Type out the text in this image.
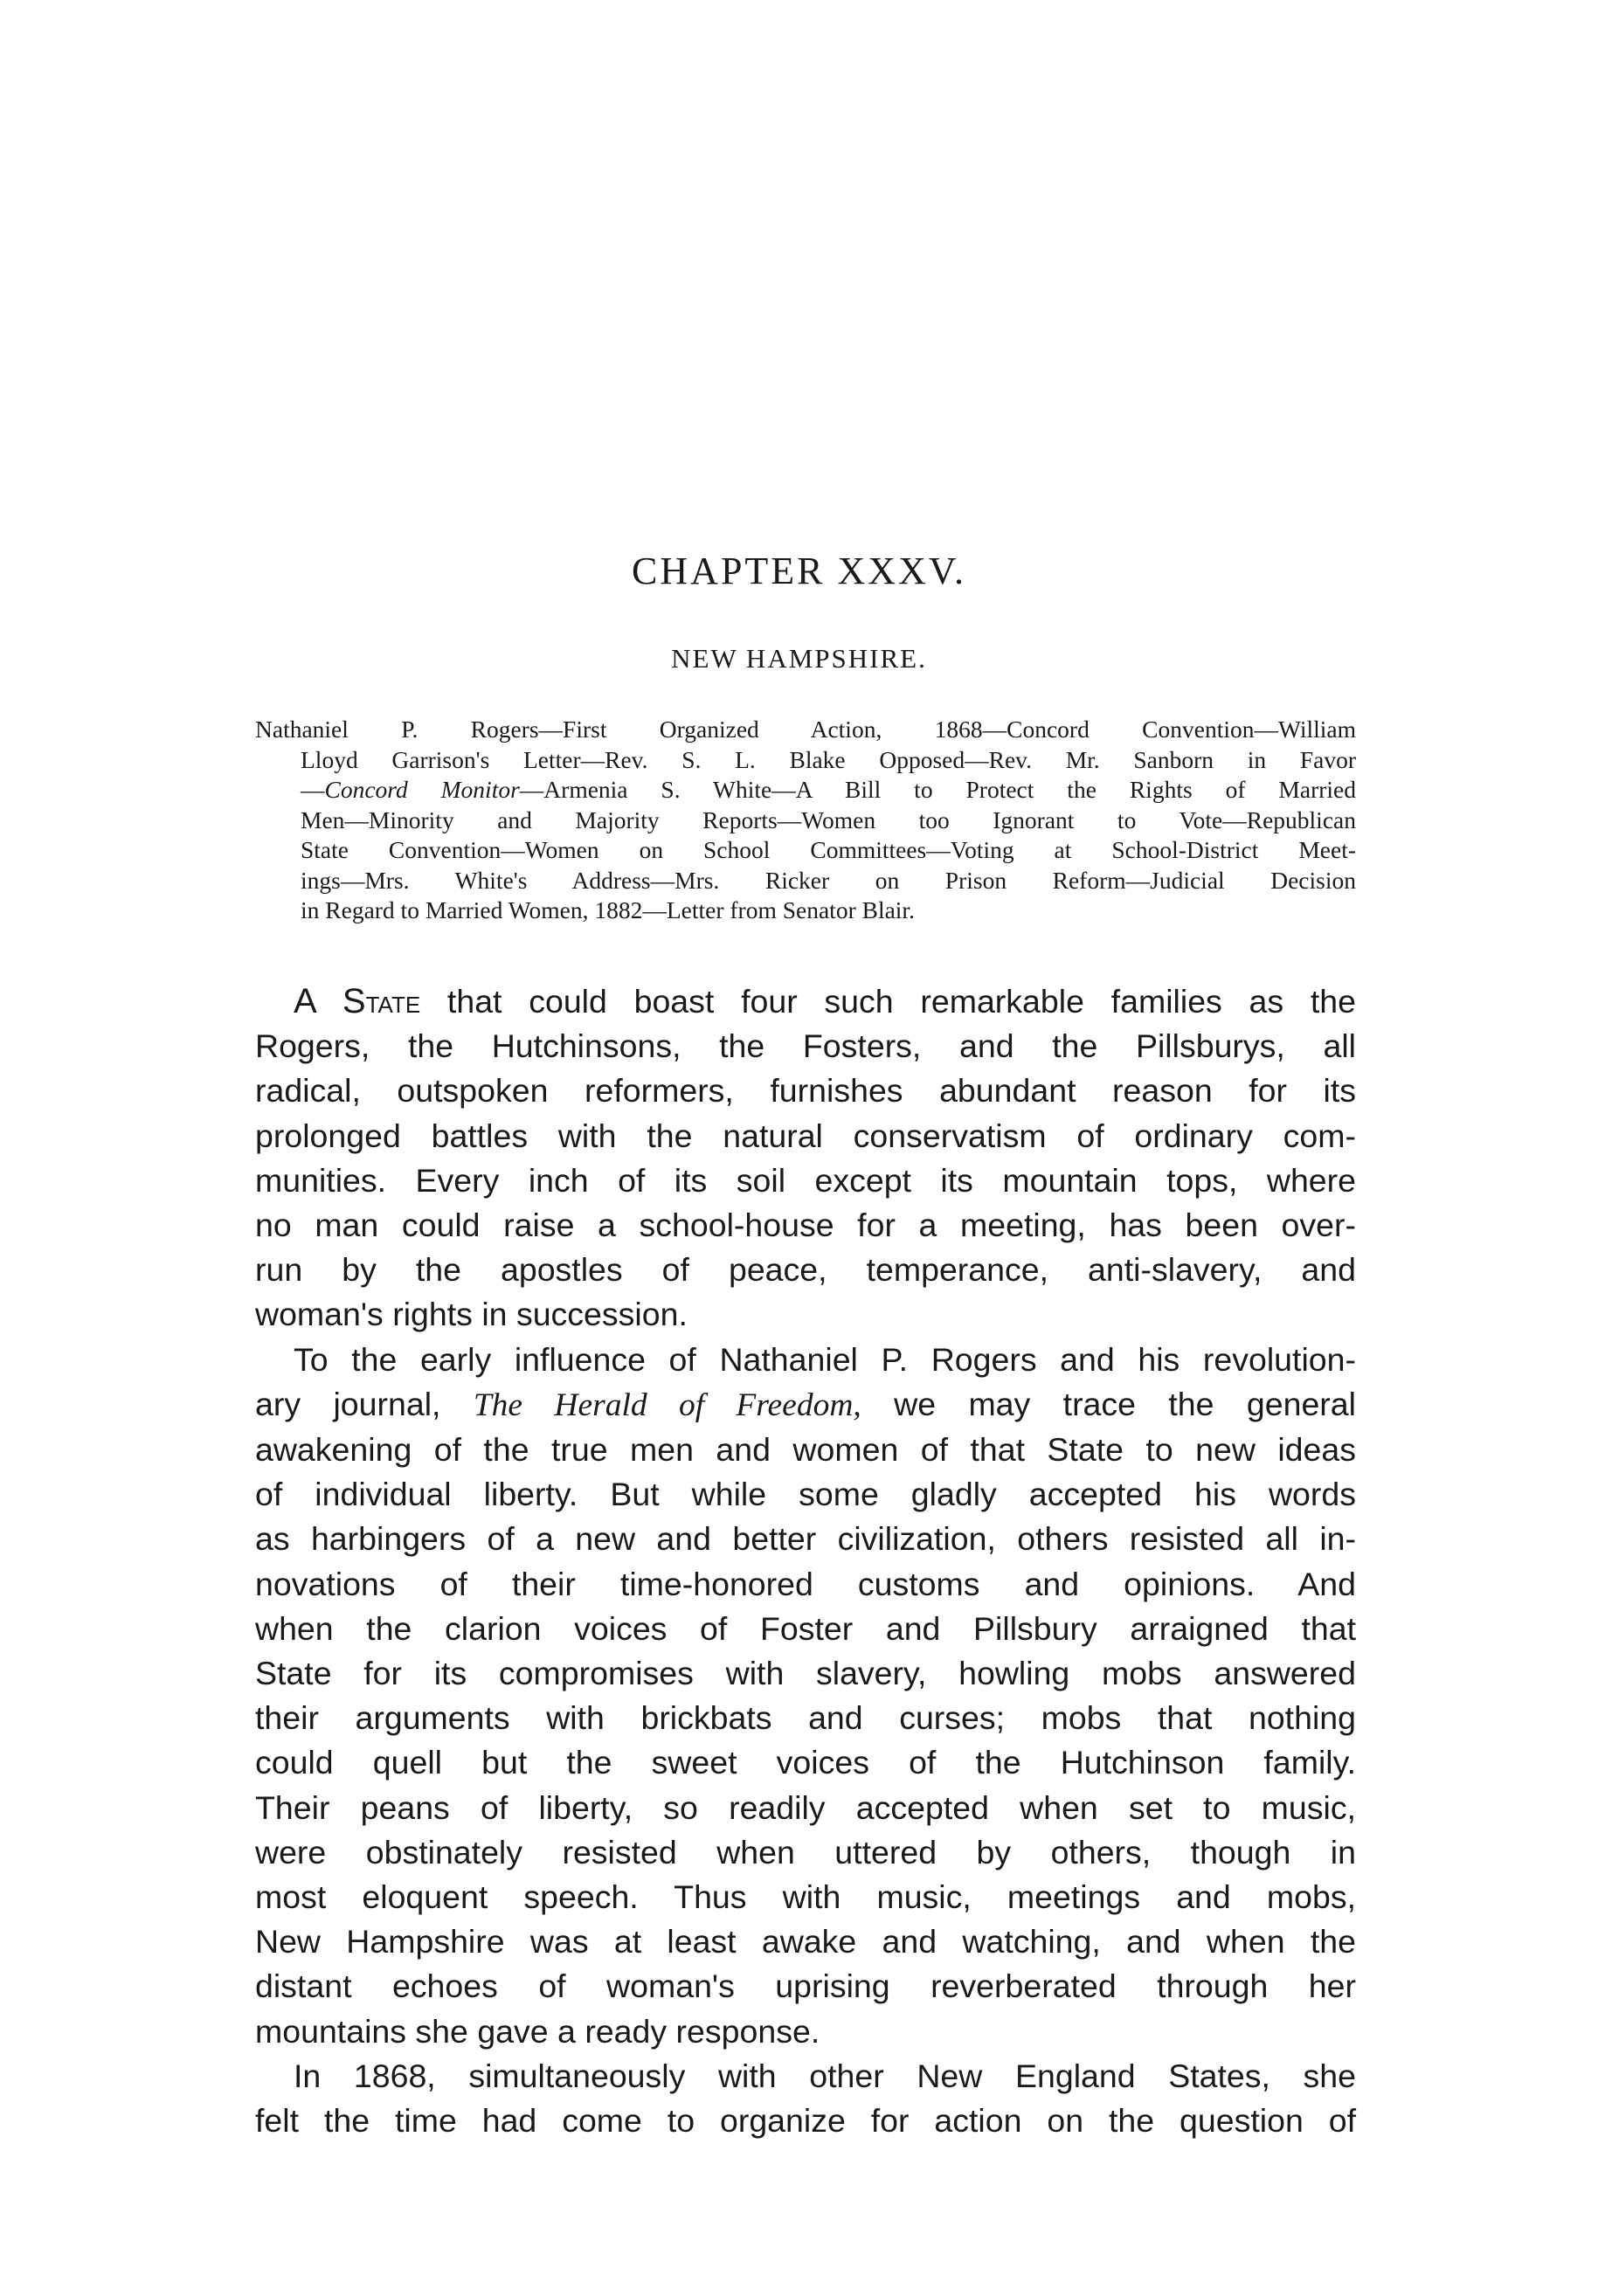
CHAPTER XXXV.
NEW HAMPSHIRE.
Nathaniel P. Rogers—First Organized Action, 1868—Concord Convention—William
Lloyd Garrison's Letter—Rev. S. L. Blake Opposed—Rev. Mr. Sanborn in Favor
—Concord Monitor—Armenia S. White—A Bill to Protect the Rights of Married
Men—Minority and Majority Reports—Women too Ignorant to Vote—Republican
State Convention—Women on School Committees—Voting at School-District Meet-
ings—Mrs. White's Address—Mrs. Ricker on Prison Reform—Judicial Decision
in Regard to Married Women, 1882—Letter from Senator Blair.
A State that could boast four such remarkable families as the
Rogers, the Hutchinsons, the Fosters, and the Pillsburys, all
radical, outspoken reformers, furnishes abundant reason for its
prolonged battles with the natural conservatism of ordinary com-
munities. Every inch of its soil except its mountain tops, where
no man could raise a school-house for a meeting, has been over-
run by the apostles of peace, temperance, anti-slavery, and
woman's rights in succession.
To the early influence of Nathaniel P. Rogers and his revolution-
ary journal, The Herald of Freedom, we may trace the general
awakening of the true men and women of that State to new ideas
of individual liberty. But while some gladly accepted his words
as harbingers of a new and better civilization, others resisted all in-
novations of their time-honored customs and opinions. And
when the clarion voices of Foster and Pillsbury arraigned that
State for its compromises with slavery, howling mobs answered
their arguments with brickbats and curses; mobs that nothing
could quell but the sweet voices of the Hutchinson family.
Their peans of liberty, so readily accepted when set to music,
were obstinately resisted when uttered by others, though in
most eloquent speech. Thus with music, meetings and mobs,
New Hampshire was at least awake and watching, and when the
distant echoes of woman's uprising reverberated through her
mountains she gave a ready response.
In 1868, simultaneously with other New England States, she
felt the time had come to organize for action on the question of
